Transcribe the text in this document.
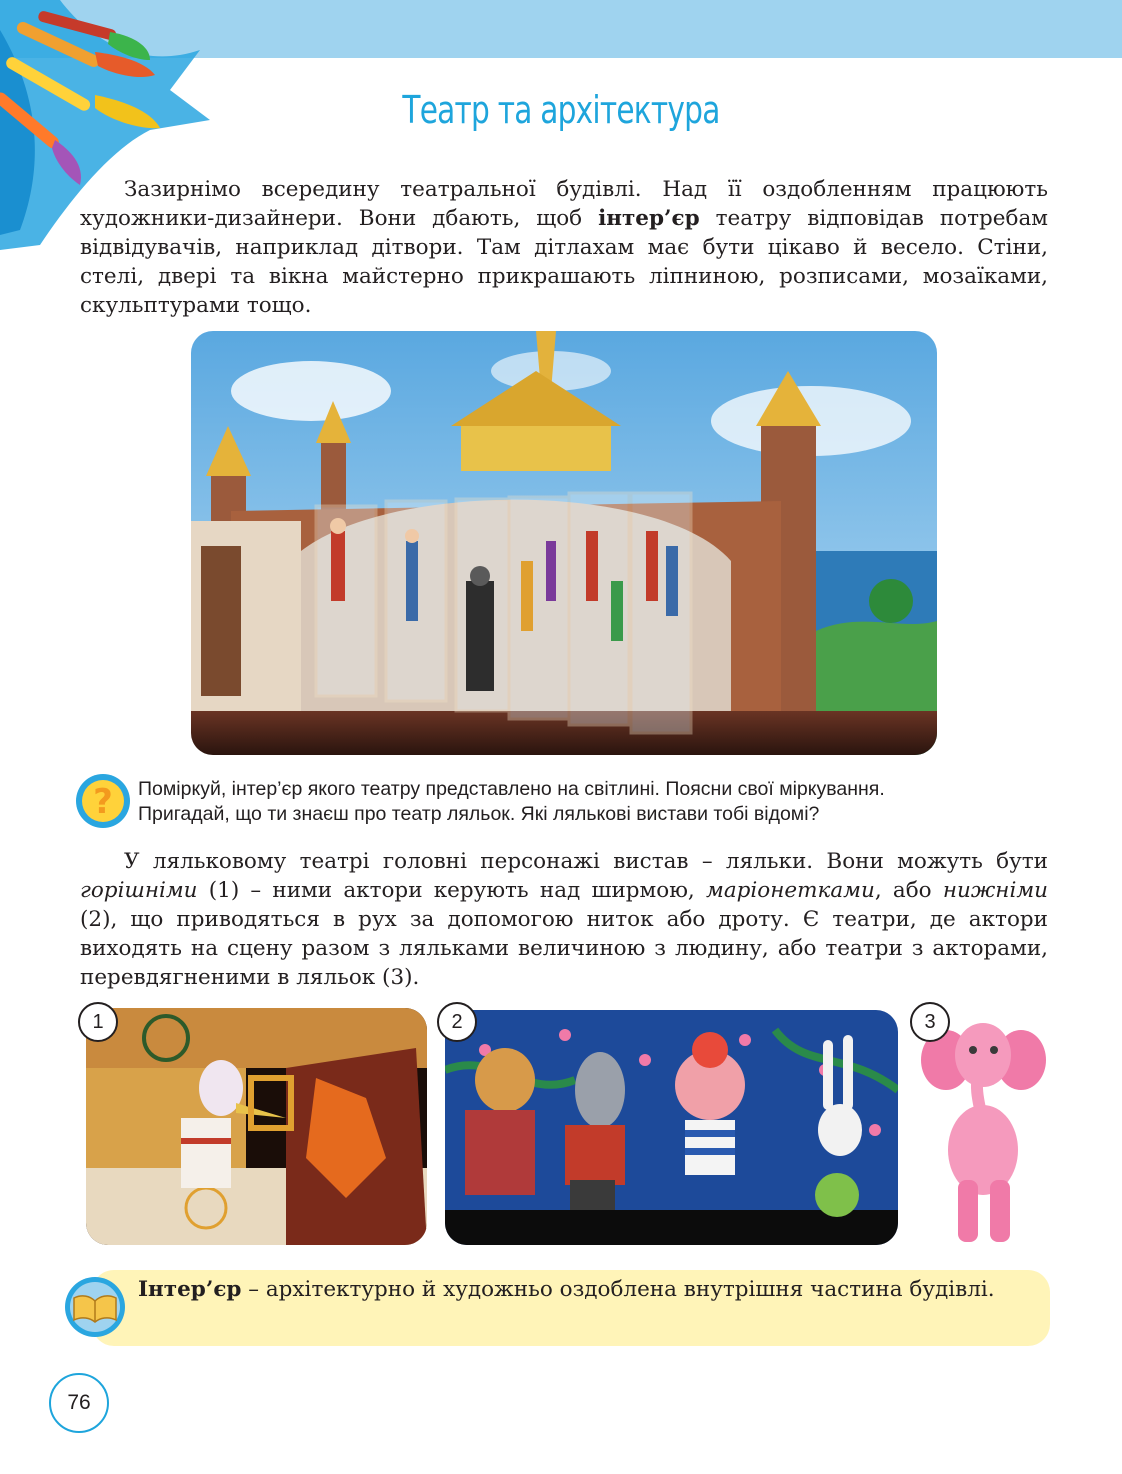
Театр та архітектура

Зазирнімо всередину театральної будівлі. Над її оздобленням працюють художники-дизайнери. Вони дбають, щоб інтер’єр театру відповідав потребам відвідувачів, наприклад дітвори. Там дітлахам має бути цікаво й весело. Стіни, стелі, двері та вікна майстерно прикрашають ліпниною, розписами, мозаїками, скульптурами тощо.

? Поміркуй, інтер’єр якого театру представлено на світлині. Поясни свої міркування.
Пригадай, що ти знаєш про театр ляльок. Які лялькові вистави тобі відомі?

У ляльковому театрі головні персонажі вистав – ляльки. Вони можуть бути горішніми (1) – ними актори керують над ширмою, маріонетками, або нижніми (2), що приводяться в рух за допомогою ниток або дроту. Є театри, де актори виходять на сцену разом з ляльками величиною з людину, або театри з акторами, перевдягненими в ляльок (3).

1	2	3
Інтер’єр – архітектурно й художньо оздоблена внутрішня частина будівлі.
76
